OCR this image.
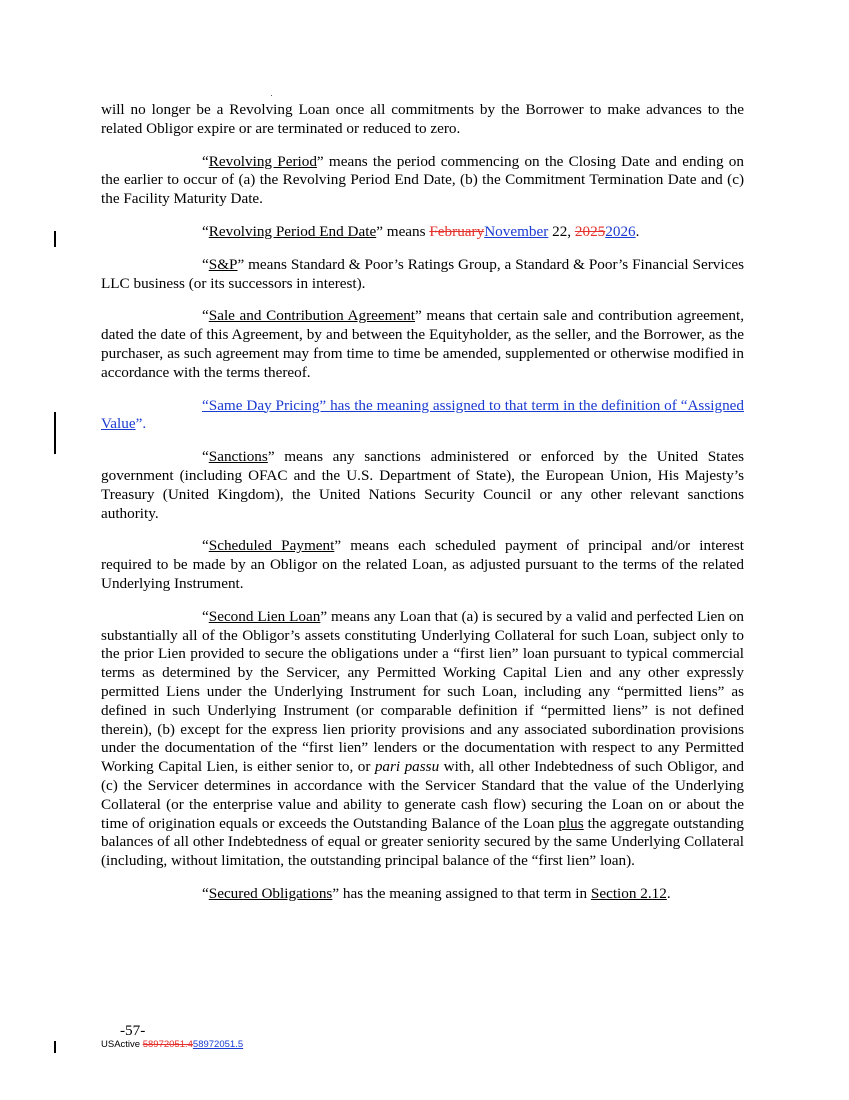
will no longer be a Revolving Loan once all commitments by the Borrower to make advances to the related Obligor expire or are terminated or reduced to zero.

“Revolving Period” means the period commencing on the Closing Date and ending on the earlier to occur of (a) the Revolving Period End Date, (b) the Commitment Termination Date and (c) the Facility Maturity Date.

“Revolving Period End Date” means FebruaryNovember 22, 20252026.

“S&P” means Standard & Poor’s Ratings Group, a Standard & Poor’s Financial Services LLC business (or its successors in interest).

“Sale and Contribution Agreement” means that certain sale and contribution agreement, dated the date of this Agreement, by and between the Equityholder, as the seller, and the Borrower, as the purchaser, as such agreement may from time to time be amended, supplemented or otherwise modified in accordance with the terms thereof.

“Same Day Pricing” has the meaning assigned to that term in the definition of “Assigned Value”.

“Sanctions” means any sanctions administered or enforced by the United States government (including OFAC and the U.S. Department of State), the European Union, His Majesty’s Treasury (United Kingdom), the United Nations Security Council or any other relevant sanctions authority.

“Scheduled Payment” means each scheduled payment of principal and/or interest required to be made by an Obligor on the related Loan, as adjusted pursuant to the terms of the related Underlying Instrument.

“Second Lien Loan” means any Loan that (a) is secured by a valid and perfected Lien on substantially all of the Obligor’s assets constituting Underlying Collateral for such Loan, subject only to the prior Lien provided to secure the obligations under a “first lien” loan pursuant to typical commercial terms as determined by the Servicer, any Permitted Working Capital Lien and any other expressly permitted Liens under the Underlying Instrument for such Loan, including any “permitted liens” as defined in such Underlying Instrument (or comparable definition if “permitted liens” is not defined therein), (b) except for the express lien priority provisions and any associated subordination provisions under the documentation of the “first lien” lenders or the documentation with respect to any Permitted Working Capital Lien, is either senior to, or pari passu with, all other Indebtedness of such Obligor, and (c) the Servicer determines in accordance with the Servicer Standard that the value of the Underlying Collateral (or the enterprise value and ability to generate cash flow) securing the Loan on or about the time of origination equals or exceeds the Outstanding Balance of the Loan plus the aggregate outstanding balances of all other Indebtedness of equal or greater seniority secured by the same Underlying Collateral (including, without limitation, the outstanding principal balance of the “first lien” loan).

“Secured Obligations” has the meaning assigned to that term in Section 2.12.

-57-
USActive 58972051.458972051.5
